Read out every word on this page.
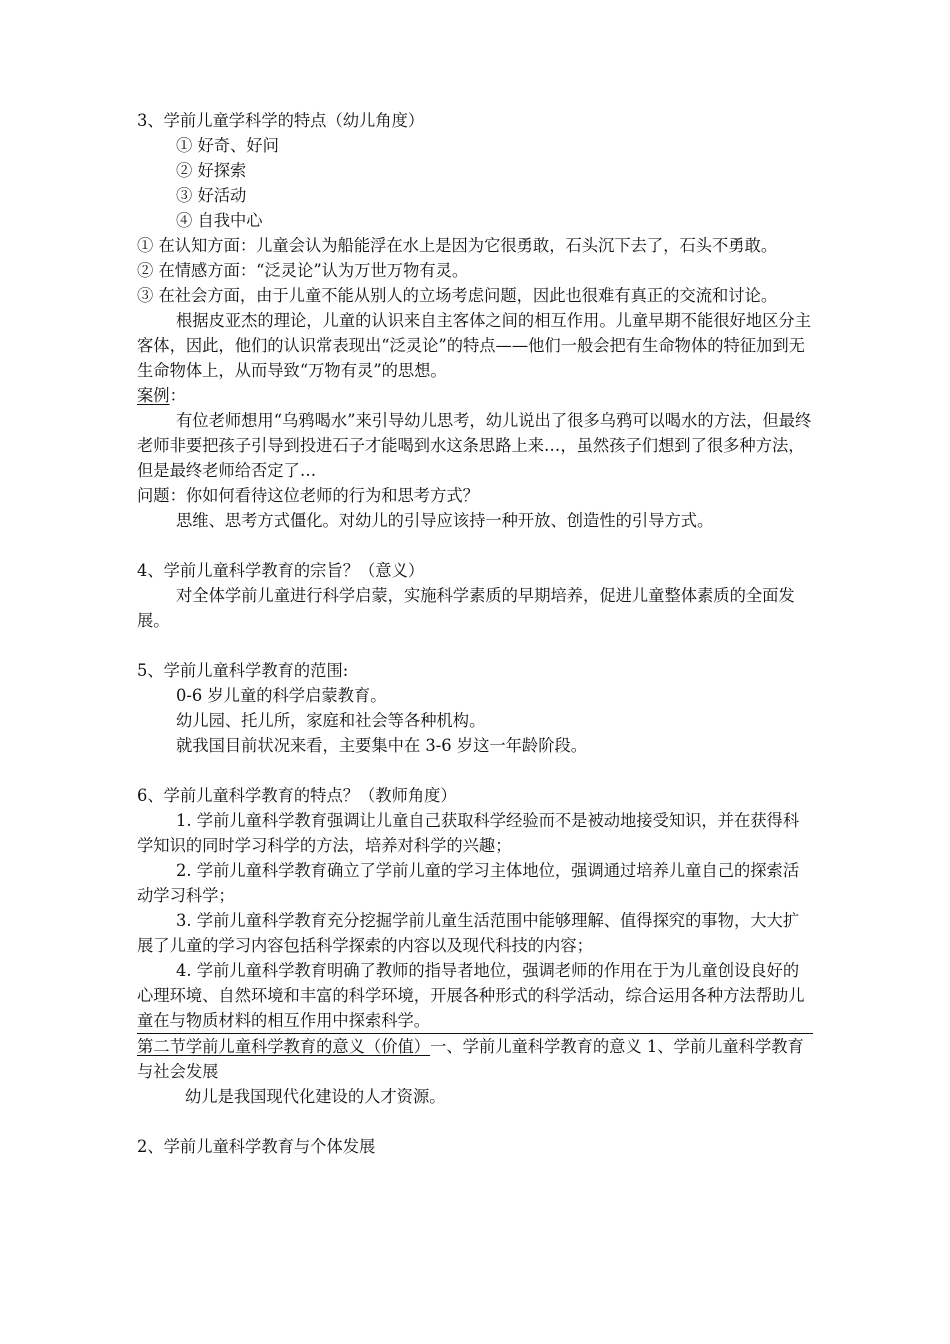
3、学前儿童学科学的特点（幼儿角度）

① 好奇、好问

② 好探索

③ 好活动

④ 自我中心

① 在认知方面：儿童会认为船能浮在水上是因为它很勇敢，石头沉下去了，石头不勇敢。

② 在情感方面：“泛灵论”认为万世万物有灵。

③ 在社会方面，由于儿童不能从别人的立场考虑问题，因此也很难有真正的交流和讨论。

根据皮亚杰的理论，儿童的认识来自主客体之间的相互作用。儿童早期不能很好地区分主客体，因此，他们的认识常表现出“泛灵论”的特点——他们一般会把有生命物体的特征加到无生命物体上，从而导致“万物有灵”的思想。

案例：

有位老师想用“乌鸦喝水”来引导幼儿思考，幼儿说出了很多乌鸦可以喝水的方法，但最终老师非要把孩子引导到投进石子才能喝到水这条思路上来…，虽然孩子们想到了很多种方法，但是最终老师给否定了…

问题：你如何看待这位老师的行为和思考方式？

思维、思考方式僵化。对幼儿的引导应该持一种开放、创造性的引导方式。

4、学前儿童科学教育的宗旨？（意义）

对全体学前儿童进行科学启蒙，实施科学素质的早期培养，促进儿童整体素质的全面发展。

5、学前儿童科学教育的范围:

0-6 岁儿童的科学启蒙教育。

幼儿园、托儿所，家庭和社会等各种机构。

就我国目前状况来看，主要集中在 3-6 岁这一年龄阶段。

6、学前儿童科学教育的特点？（教师角度）

1. 学前儿童科学教育强调让儿童自己获取科学经验而不是被动地接受知识，并在获得科学知识的同时学习科学的方法，培养对科学的兴趣；

2. 学前儿童科学教育确立了学前儿童的学习主体地位，强调通过培养儿童自己的探索活动学习科学；

3. 学前儿童科学教育充分挖掘学前儿童生活范围中能够理解、值得探究的事物，大大扩展了儿童的学习内容包括科学探索的内容以及现代科技的内容；

4. 学前儿童科学教育明确了教师的指导者地位，强调老师的作用在于为儿童创设良好的心理环境、自然环境和丰富的科学环境，开展各种形式的科学活动，综合运用各种方法帮助儿童在与物质材料的相互作用中探索科学。

第二节学前儿童科学教育的意义（价值）一、学前儿童科学教育的意义 1、学前儿童科学教育与社会发展

幼儿是我国现代化建设的人才资源。

2、学前儿童科学教育与个体发展
